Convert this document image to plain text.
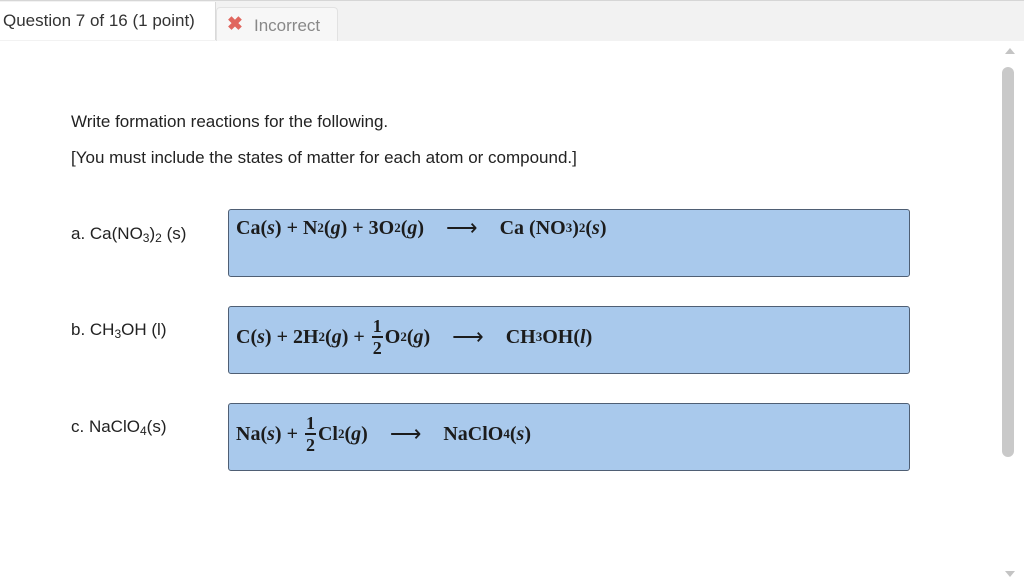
Question 7 of 16 (1 point) ✖ Incorrect
Write formation reactions for the following.
[You must include the states of matter for each atom or compound.]
a. $Ca(NO_3)_2$ (s) Ca( s ) + N 2 ( g ) + 3O 2 ( g ) ⟶ Ca (NO 3 ) 2 ( s )
b. $CH_3OH$ (l)	C( s ) + 2H 2 ( g ) + $\frac{1}{2}$ O 2 ( g ) ⟶ CH 3 OH( l )
c. NaClO$_4$(s)	Na( s ) + $\frac{1}{2}$ Cl 2 ( g ) ⟶ NaClO 4 ( s )
